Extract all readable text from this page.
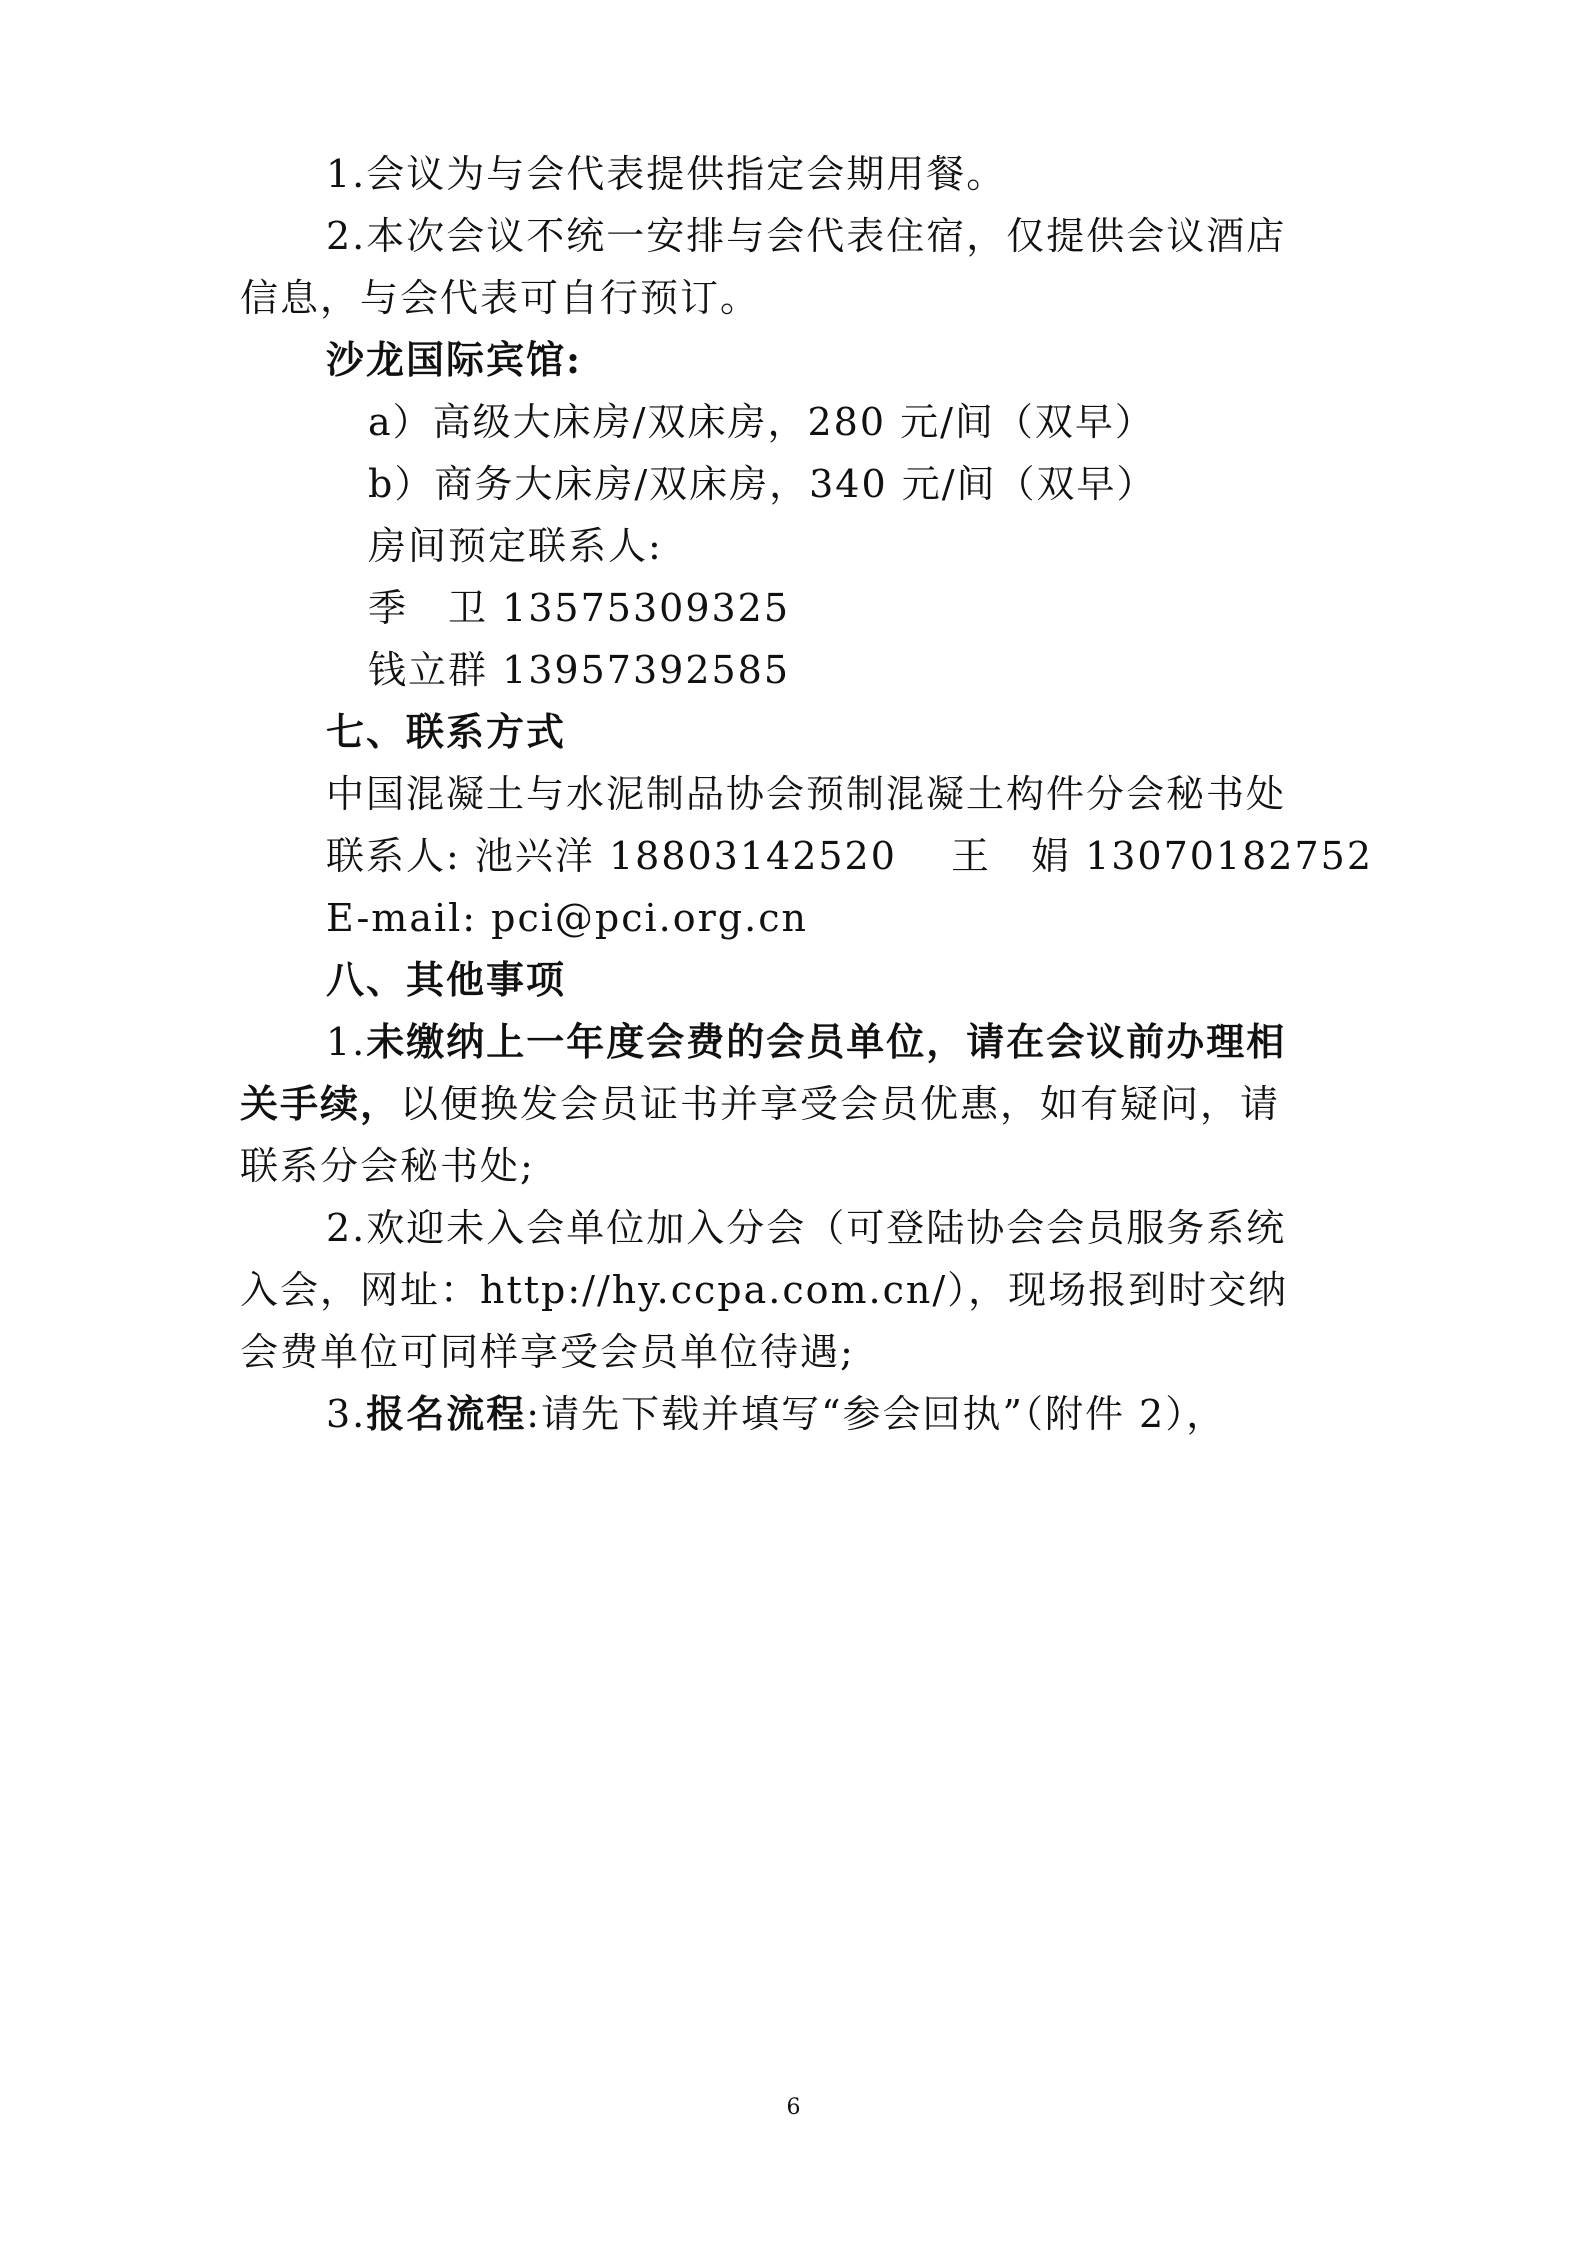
1.会议为与会代表提供指定会期用餐。
2.本次会议不统一安排与会代表住宿，仅提供会议酒店
信息，与会代表可自行预订。
沙龙国际宾馆:
a）高级大床房/双床房，280 元/间（双早）
b）商务大床房/双床房，340 元/间（双早）
房间预定联系人:
季　卫 13575309325
钱立群 13957392585
七、联系方式
中国混凝土与水泥制品协会预制混凝土构件分会秘书处
联系人: 池兴洋 18803142520　 王　娟 13070182752
E-mail: pci@pci.org.cn
八、其他事项
1.未缴纳上一年度会费的会员单位，请在会议前办理相
关手续，以便换发会员证书并享受会员优惠，如有疑问，请
联系分会秘书处;
2.欢迎未入会单位加入分会（可登陆协会会员服务系统
入会，网址：http://hy.ccpa.com.cn/），现场报到时交纳
会费单位可同样享受会员单位待遇;
3.报名流程:请先下载并填写“参会回执”（附件 2），
6
